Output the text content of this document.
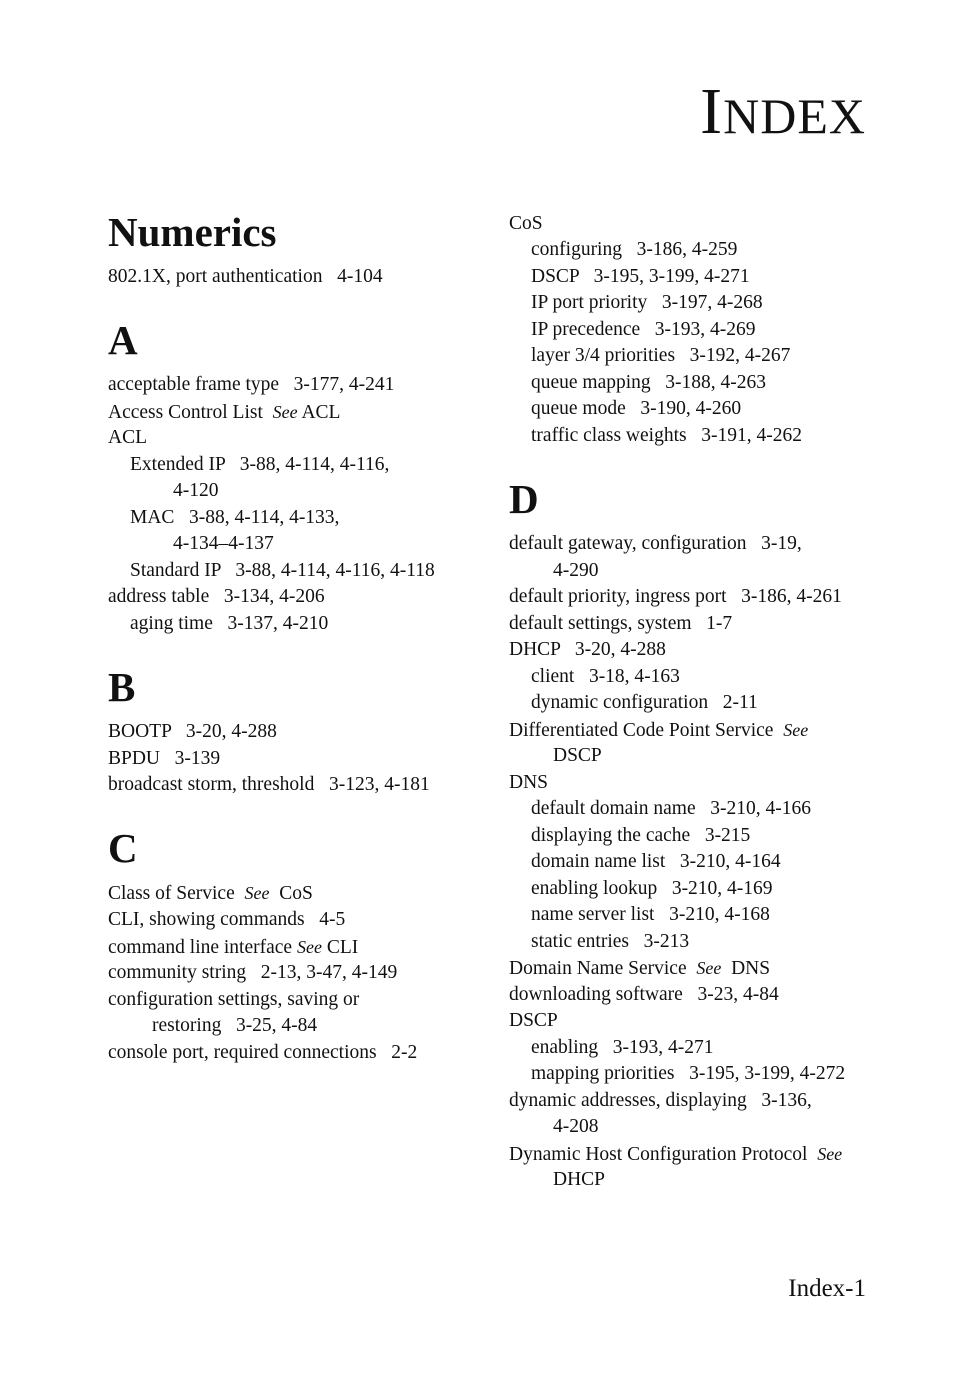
INDEX
Numerics
802.1X, port authentication   4-104
A
acceptable frame type   3-177, 4-241
Access Control List  See ACL
ACL
Extended IP   3-88, 4-114, 4-116,
4-120
MAC   3-88, 4-114, 4-133,
4-134–4-137
Standard IP   3-88, 4-114, 4-116, 4-118
address table   3-134, 4-206
aging time   3-137, 4-210
B
BOOTP   3-20, 4-288
BPDU   3-139
broadcast storm, threshold   3-123, 4-181
C
Class of Service  See  CoS
CLI, showing commands   4-5
command line interface See CLI
community string   2-13, 3-47, 4-149
configuration settings, saving or
restoring   3-25, 4-84
console port, required connections   2-2
CoS
configuring   3-186, 4-259
DSCP   3-195, 3-199, 4-271
IP port priority   3-197, 4-268
IP precedence   3-193, 4-269
layer 3/4 priorities   3-192, 4-267
queue mapping   3-188, 4-263
queue mode   3-190, 4-260
traffic class weights   3-191, 4-262
D
default gateway, configuration   3-19,
4-290
default priority, ingress port   3-186, 4-261
default settings, system   1-7
DHCP   3-20, 4-288
client   3-18, 4-163
dynamic configuration   2-11
Differentiated Code Point Service  See
DSCP
DNS
default domain name   3-210, 4-166
displaying the cache   3-215
domain name list   3-210, 4-164
enabling lookup   3-210, 4-169
name server list   3-210, 4-168
static entries   3-213
Domain Name Service  See  DNS
downloading software   3-23, 4-84
DSCP
enabling   3-193, 4-271
mapping priorities   3-195, 3-199, 4-272
dynamic addresses, displaying   3-136,
4-208
Dynamic Host Configuration Protocol  See
DHCP
Index-1
